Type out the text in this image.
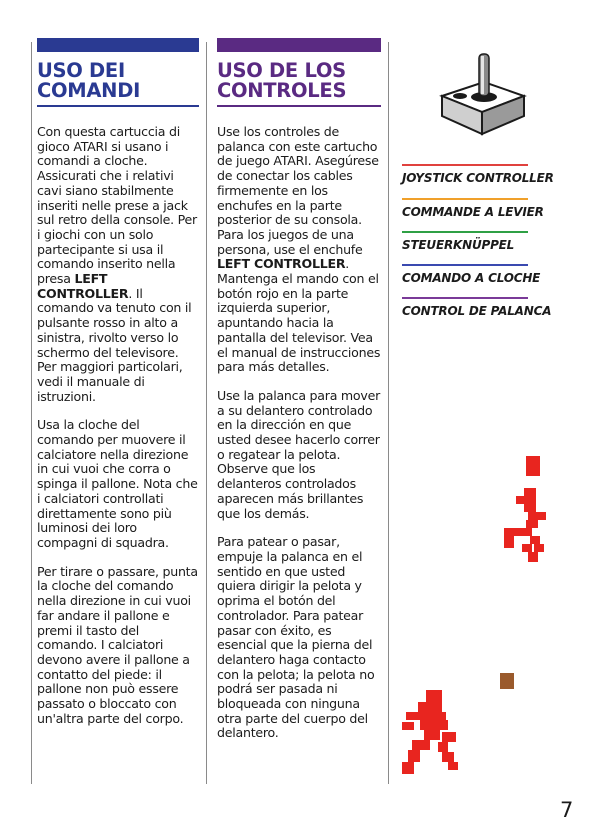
USO DEI
COMANDI

Con questa cartuccia di gioco ATARI si usano i comandi a cloche. Assicurati che i relativi cavi siano stabilmente inseriti nelle prese a jack sul retro della console. Per i giochi con un solo partecipante si usa il comando inserito nella presa LEFT CONTROLLER. Il comando va tenuto con il pulsante rosso in alto a sinistra, rivolto verso lo schermo del televisore. Per maggiori particolari, vedi il manuale di istruzioni.

Usa la cloche del comando per muovere il calciatore nella direzione in cui vuoi che corra o spinga il pallone. Nota che i calciatori controllati direttamente sono più luminosi dei loro compagni di squadra.

Per tirare o passare, punta la cloche del comando nella direzione in cui vuoi far andare il pallone e premi il tasto del comando. I calciatori devono avere il pallone a contatto del piede: il pallone non può essere passato o bloccato con un'altra parte del corpo.

USO DE LOS
CONTROLES

Use los controles de palanca con este cartucho de juego ATARI. Asegúrese de conectar los cables firmemente en los enchufes en la parte posterior de su consola. Para los juegos de una persona, use el enchufe LEFT CONTROLLER. Mantenga el mando con el botón rojo en la parte izquierda superior, apuntando hacia la pantalla del televisor. Vea el manual de instrucciones para más detalles.

Use la palanca para mover a su delantero controlado en la dirección en que usted desee hacerlo correr o regatear la pelota. Observe que los delanteros controlados aparecen más brillantes que los demás.

Para patear o pasar, empuje la palanca en el sentido en que usted quiera dirigir la pelota y oprima el botón del controlador. Para patear pasar con éxito, es esencial que la pierna del delantero haga contacto con la pelota; la pelota no podrá ser pasada ni bloqueada con ninguna otra parte del cuerpo del delantero.

JOYSTICK CONTROLLER
COMMANDE A LEVIER
STEUERKNÜPPEL
COMANDO A CLOCHE
CONTROL DE PALANCA
7
